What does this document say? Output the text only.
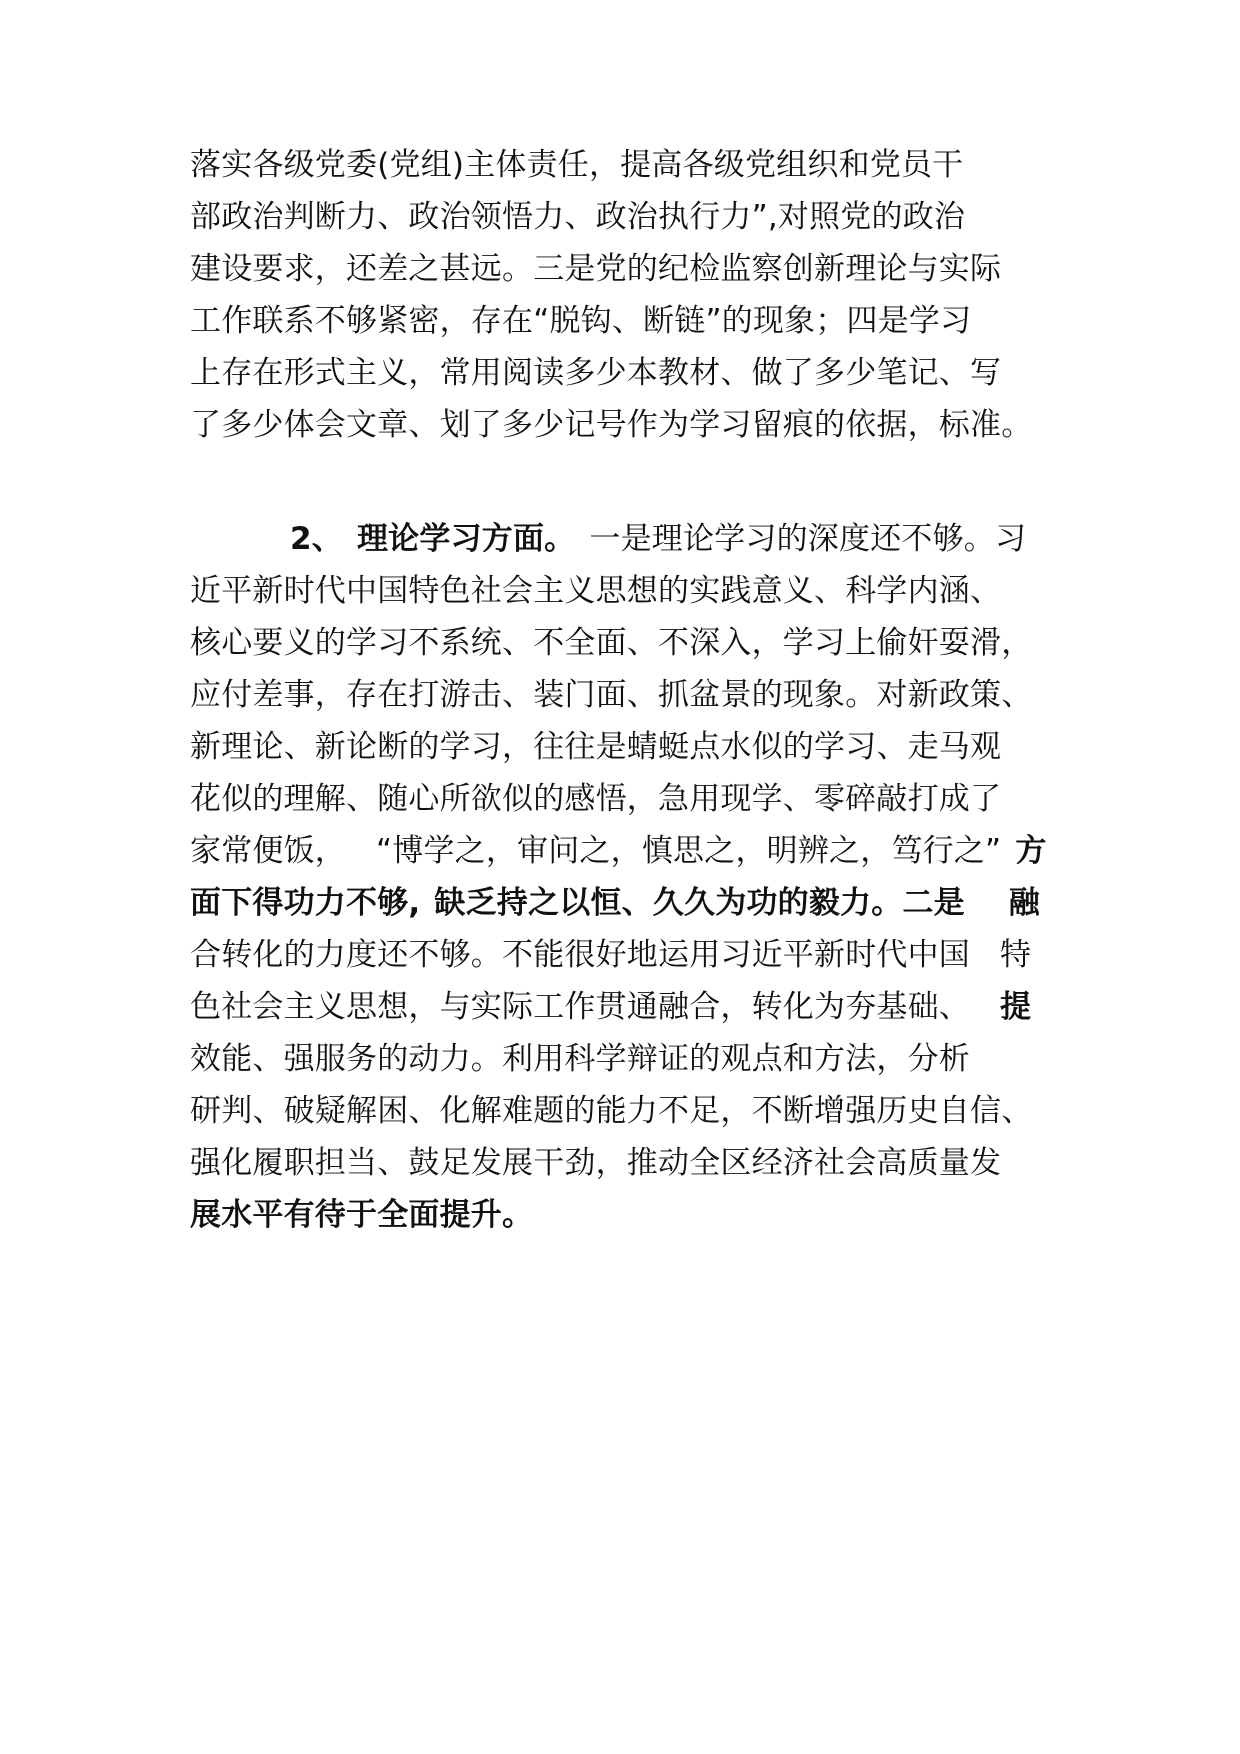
落实各级党委(党组)主体责任，提高各级党组织和党员干
部政治判断力、政治领悟力、政治执行力”,对照党的政治
建设要求，还差之甚远。三是党的纪检监察创新理论与实际
工作联系不够紧密，存在“脱钩、断链”的现象；四是学习
上存在形式主义，常用阅读多少本教材、做了多少笔记、写
了多少体会文章、划了多少记号作为学习留痕的依据，标准。
2、 理论学习方面。 一是理论学习的深度还不够。习
近平新时代中国特色社会主义思想的实践意义、科学内涵、
核心要义的学习不系统、不全面、不深入，学习上偷奸耍滑，
应付差事，存在打游击、装门面、抓盆景的现象。对新政策、
新理论、新论断的学习，往往是蜻蜓点水似的学习、走马观
花似的理解、随心所欲似的感悟，急用现学、零碎敲打成了
家常便饭， “博学之，审问之，慎思之，明辨之，笃行之” 方
面下得功力不够, 缺乏持之以恒、久久为功的毅力。二是 融
合转化的力度还不够。不能很好地运用习近平新时代中国 特
色社会主义思想，与实际工作贯通融合，转化为夯基础、 提
效能、强服务的动力。利用科学辩证的观点和方法，分析
研判、破疑解困、化解难题的能力不足，不断增强历史自信、
强化履职担当、鼓足发展干劲，推动全区经济社会高质量发
展水平有待于全面提升。
